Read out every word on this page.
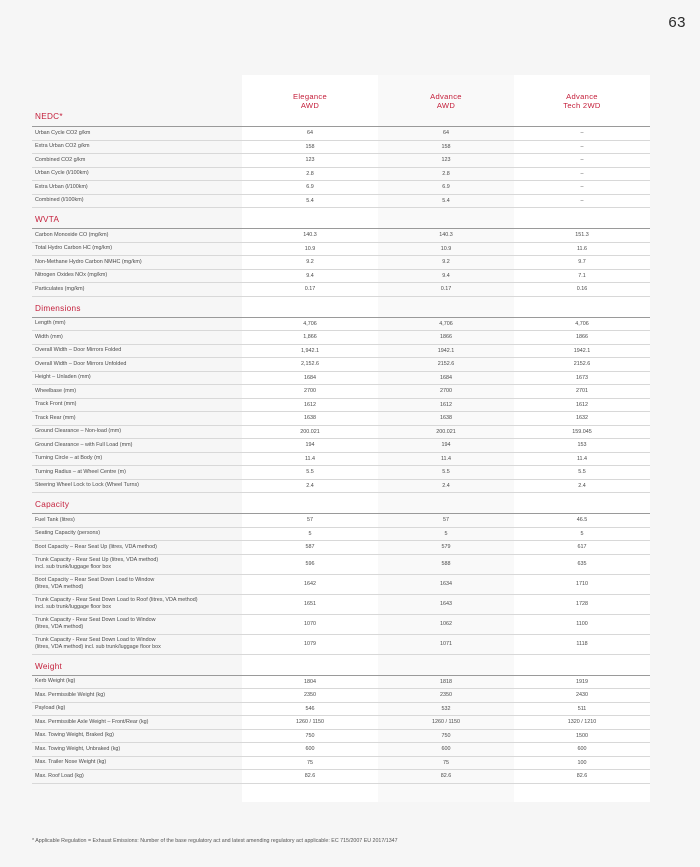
63
NEDC*
Elegance
AWD
Advance
AWD
Advance
Tech 2WD
Urban Cycle CO2 g/km	64	64	–
Extra Urban CO2 g/km	158	158	–
Combined CO2 g/km	123	123	–
Urban Cycle (l/100km)	2.8	2.8	–
Extra Urban (l/100km)	6.9	6.9	–
Combined (l/100km)	5.4	5.4	–
WVTA
Carbon Monoxide CO (mg/km)	140.3	140.3	151.3
Total Hydro Carbon HC (mg/km)	10.9	10.9	11.6
Non-Methane Hydro Carbon NMHC (mg/km)	9.2	9.2	9.7
Nitrogen Oxides NOx (mg/km)	9.4	9.4	7.1
Particulates (mg/km)	0.17	0.17	0.16
Dimensions
Length (mm)	4,706	4,706	4,706
Width (mm)	1,866	1866	1866
Overall Width – Door Mirrors Folded	1,942.1	1942.1	1942.1
Overall Width – Door Mirrors Unfolded	2,152.6	2152.6	2152.6
Height – Unladen (mm)	1684	1684	1673
Wheelbase (mm)	2700	2700	2701
Track Front (mm)	1612	1612	1612
Track Rear (mm)	1638	1638	1632
Ground Clearance – Non-load (mm)	200.021	200.021	159.045
Ground Clearance – with Full Load (mm)	194	194	153
Turning Circle – at Body (m)	11.4	11.4	11.4
Turning Radius – at Wheel Centre (m)	5.5	5.5	5.5
Steering Wheel Lock to Lock (Wheel Turns)	2.4	2.4	2.4
Capacity
Fuel Tank (litres)	57	57	46.5
Seating Capacity (persons)	5	5	5
Boot Capacity – Rear Seat Up (litres, VDA method)	587	579	617
Trunk Capacity - Rear Seat Up (litres, VDA method)
incl. sub trunk/luggage floor box	596	588	635
Boot Capacity – Rear Seat Down Load to Window
(litres, VDA method)	1642	1634	1710
Trunk Capacity - Rear Seat Down Load to Roof (litres, VDA method)
incl. sub trunk/luggage floor box	1651	1643	1728
Trunk Capacity - Rear Seat Down Load to Window
(litres, VDA method)	1070	1062	1100
Trunk Capacity - Rear Seat Down Load to Window
(litres, VDA method) incl. sub trunk/luggage floor box	1079	1071	1118
Weight
Kerb Weight (kg)	1804	1818	1919
Max. Permissible Weight (kg)	2350	2350	2430
Payload (kg)	546	532	511
Max. Permissible Axle Weight – Front/Rear (kg)	1260 / 1150	1260 / 1150	1320 / 1210
Max. Towing Weight, Braked (kg)	750	750	1500
Max. Towing Weight, Unbraked (kg)	600	600	600
Max. Trailer Nose Weight (kg)	75	75	100
Max. Roof Load (kg)	82.6	82.6	82.6
* Applicable Regulation = Exhaust Emissions: Number of the base regulatory act and latest amending regulatory act applicable: EC 715/2007 EU 2017/1347
